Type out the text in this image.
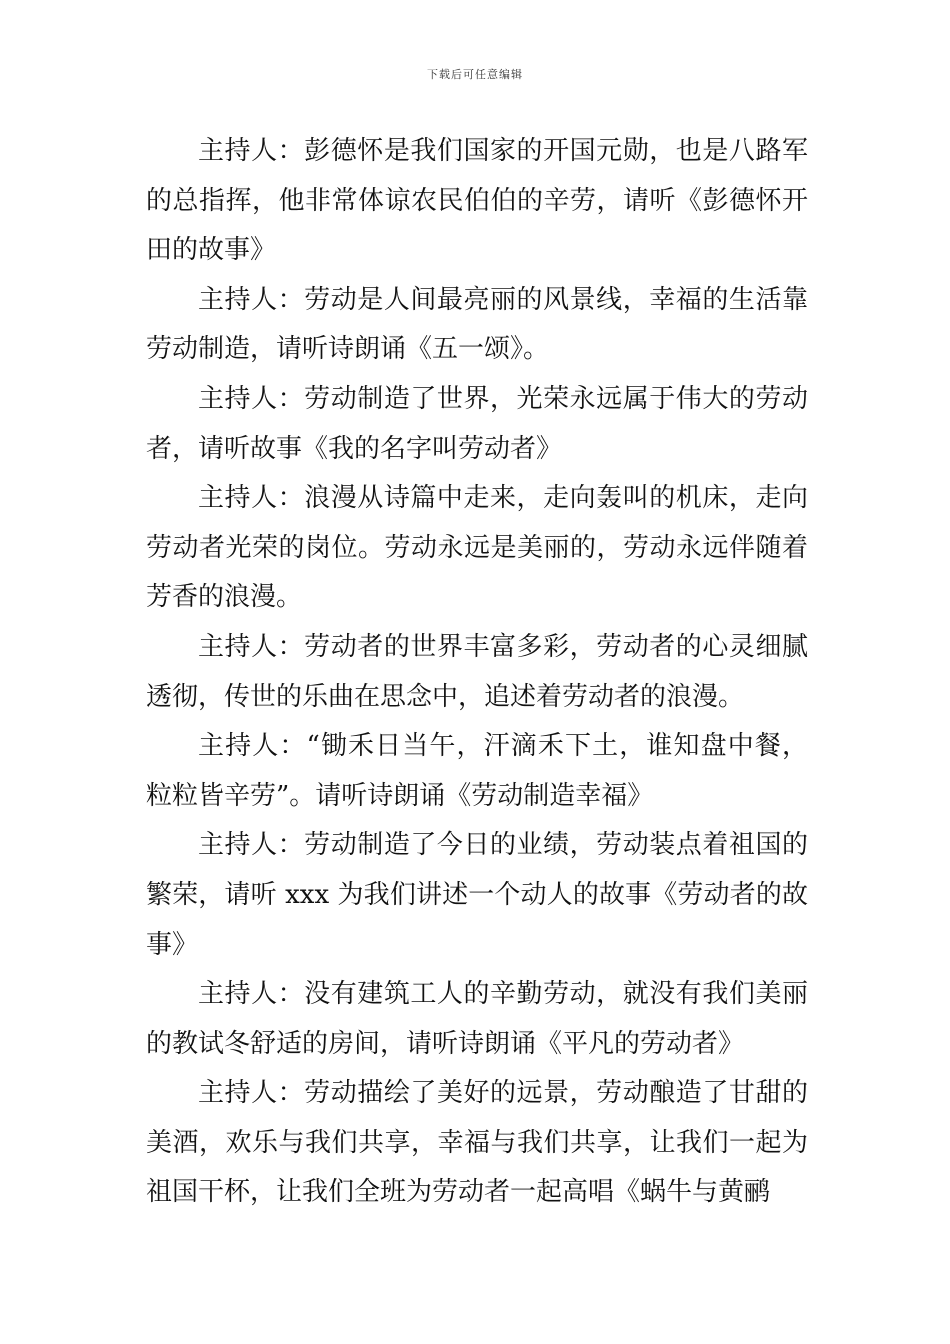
下载后可任意编辑

主持人：彭德怀是我们国家的开国元勋，也是八路军的总指挥，他非常体谅农民伯伯的辛劳，请听《彭德怀开田的故事》

主持人：劳动是人间最亮丽的风景线，幸福的生活靠劳动制造，请听诗朗诵《五一颂》。

主持人：劳动制造了世界，光荣永远属于伟大的劳动者，请听故事《我的名字叫劳动者》

主持人：浪漫从诗篇中走来，走向轰叫的机床，走向劳动者光荣的岗位。劳动永远是美丽的，劳动永远伴随着芳香的浪漫。

主持人：劳动者的世界丰富多彩，劳动者的心灵细腻透彻，传世的乐曲在思念中，追述着劳动者的浪漫。

主持人：“锄禾日当午，汗滴禾下土，谁知盘中餐，粒粒皆辛劳”。请听诗朗诵《劳动制造幸福》

主持人：劳动制造了今日的业绩，劳动装点着祖国的繁荣，请听 xxx 为我们讲述一个动人的故事《劳动者的故事》

主持人：没有建筑工人的辛勤劳动，就没有我们美丽的教试冬舒适的房间，请听诗朗诵《平凡的劳动者》

主持人：劳动描绘了美好的远景，劳动酿造了甘甜的美酒，欢乐与我们共享，幸福与我们共享，让我们一起为祖国干杯，让我们全班为劳动者一起高唱《蜗牛与黄鹂
